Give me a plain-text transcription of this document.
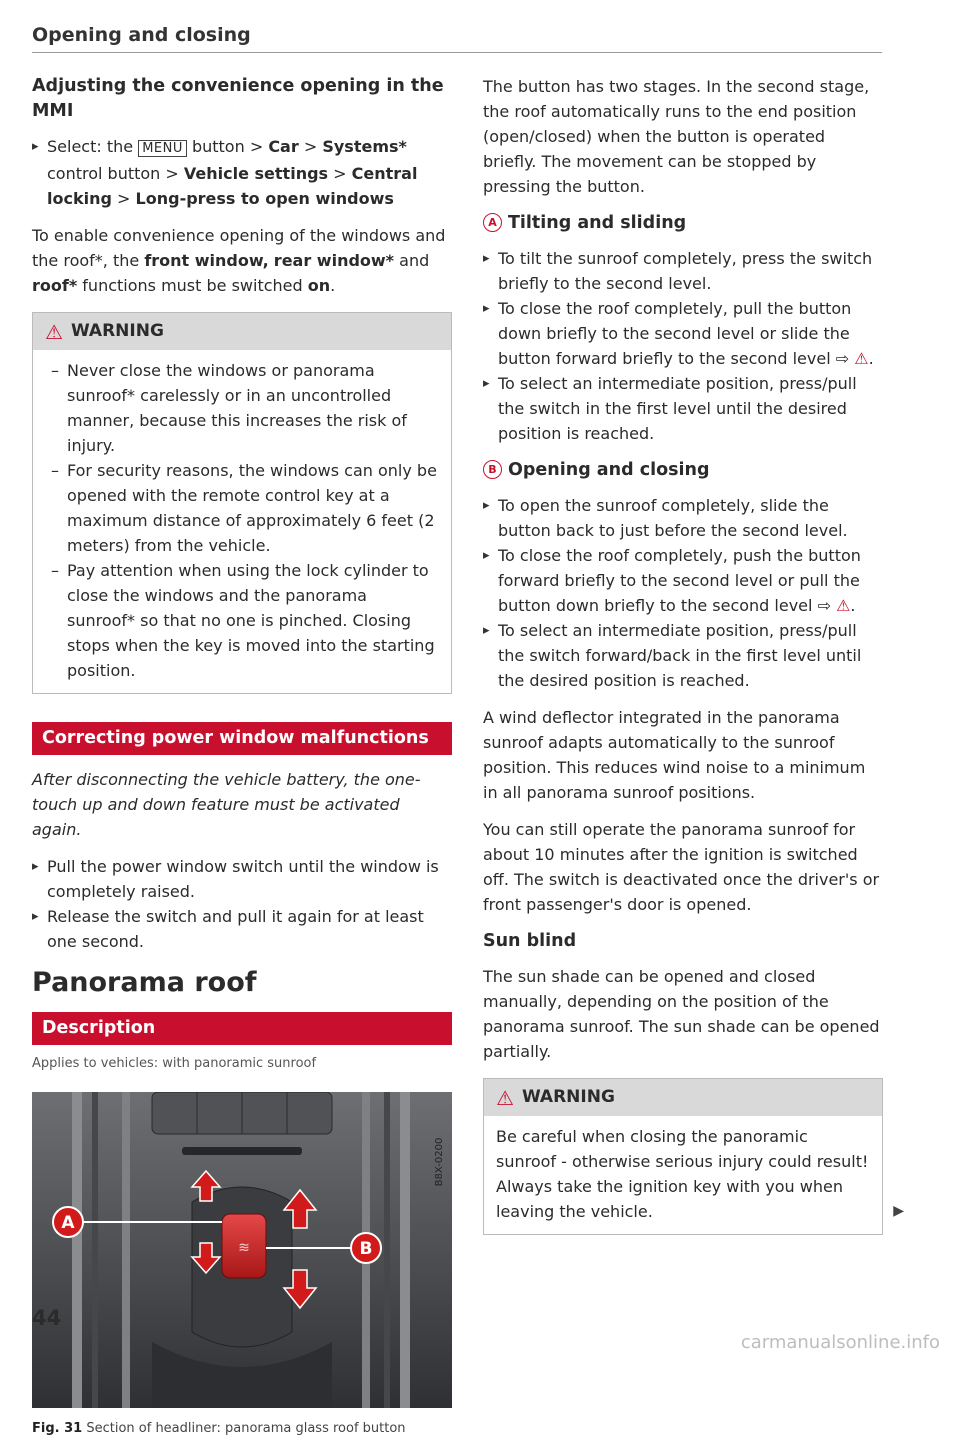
Opening and closing
Adjusting the convenience opening in the MMI
▸ Select: the MENU button > Car > Systems* control button > Vehicle settings > Central locking > Long-press to open windows

To enable convenience opening of the windows and the roof*, the front window, rear window* and roof* functions must be switched on.

⚠ WARNING
– Never close the windows or panorama sunroof* carelessly or in an uncontrolled manner, because this increases the risk of injury.
– For security reasons, the windows can only be opened with the remote control key at a maximum distance of approximately 6 feet (2 meters) from the vehicle.
– Pay attention when using the lock cylinder to close the windows and the panorama sunroof* so that no one is pinched. Closing stops when the key is moved into the starting position.
Correcting power window malfunctions

After disconnecting the vehicle battery, the one-touch up and down feature must be activated again.

▸ Pull the power window switch until the window is completely raised.
▸ Release the switch and pull it again for at least one second.
Panorama roof
Description
Applies to vehicles: with panoramic sunroof
≋
A
B
B8X-0200
Fig. 31 Section of headliner: panorama glass roof button

The button has two stages. In the second stage, the roof automatically runs to the end position (open/closed) when the button is operated briefly. The movement can be stopped by pressing the button.

A Tilting and sliding
▸ To tilt the sunroof completely, press the switch briefly to the second level.
▸ To close the roof completely, pull the button down briefly to the second level or slide the button forward briefly to the second level ⇨ ⚠.
▸ To select an intermediate position, press/pull the switch in the first level until the desired position is reached.
B Opening and closing
▸ To open the sunroof completely, slide the button back to just before the second level.
▸ To close the roof completely, push the button forward briefly to the second level or pull the button down briefly to the second level ⇨ ⚠.
▸ To select an intermediate position, press/pull the switch forward/back in the first level until the desired position is reached.

A wind deflector integrated in the panorama sunroof adapts automatically to the sunroof position. This reduces wind noise to a minimum in all panorama sunroof positions.

You can still operate the panorama sunroof for about 10 minutes after the ignition is switched off. The switch is deactivated once the driver's or front passenger's door is opened.

Sun blind

The sun shade can be opened and closed manually, depending on the position of the panorama sunroof. The sun shade can be opened partially.

⚠ WARNING
Be careful when closing the panoramic sunroof - otherwise serious injury could result! Always take the ignition key with you when leaving the vehicle.	▶
44
carmanualsonline.info
